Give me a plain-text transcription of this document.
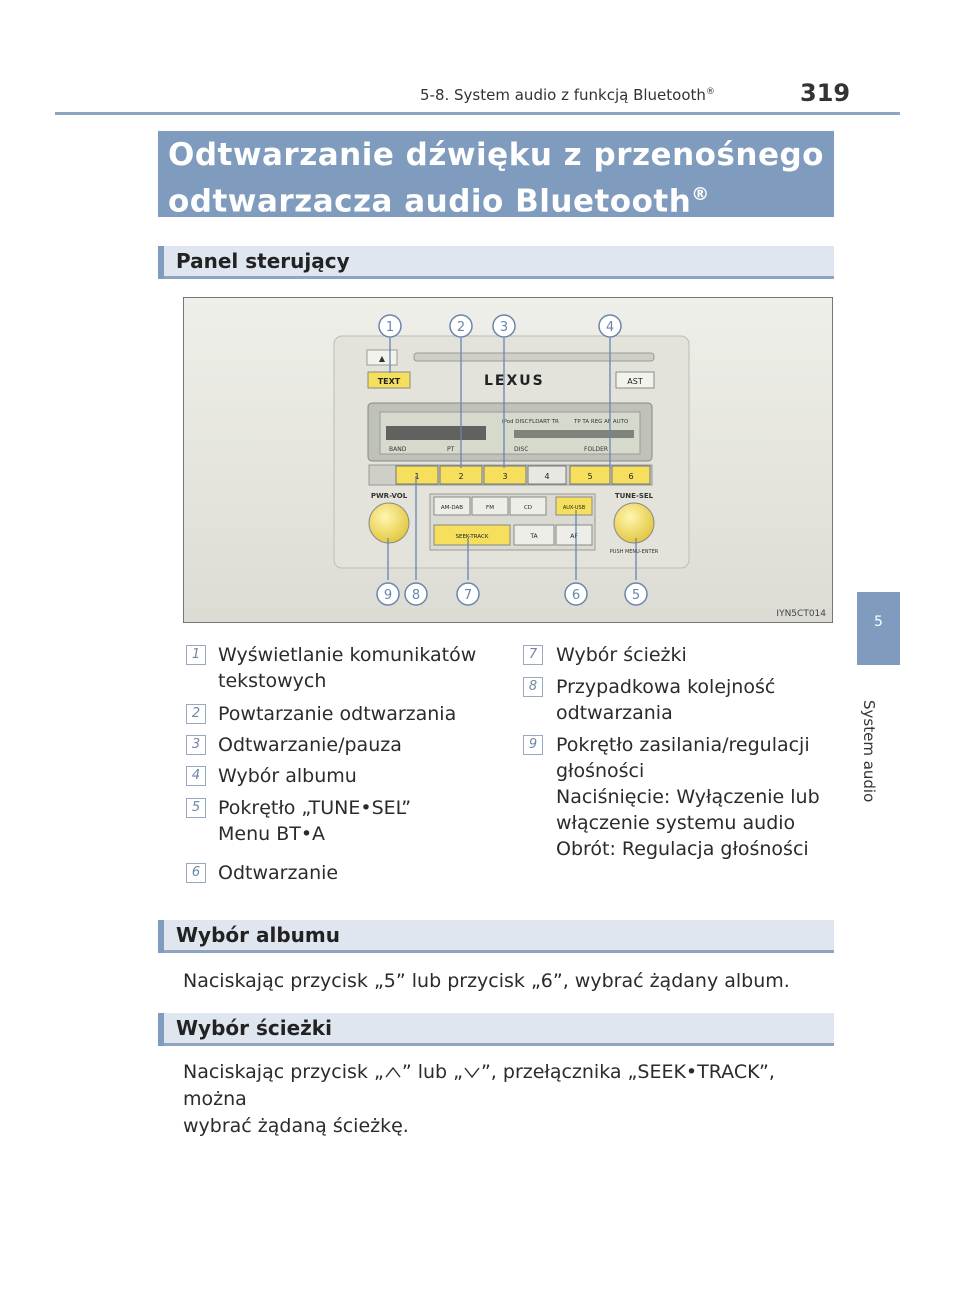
5-8. System audio z funkcją Bluetooth®	319
5
System audio
Odtwarzanie dźwięku z przenośnego
odtwarzacza audio Bluetooth®
Panel sterujący
▲
TEXT	LEXUS	AST
iPod DISC FLDART TR	TP TA REG AF AUTO
BAND	PT	DISC	FOLDER
1	2	3	4	5	6
PWR-VOL	TUNE-SEL
PUSH MENU-ENTER
AM-DAB	FM	CD	AUX-USB
SEEK-TRACK	TA	AF
1	2	3	4
5
6
7
8
9
IYN5CT014
1 Wyświetlanie komunikatów
tekstowych
2 Powtarzanie odtwarzania
3 Odtwarzanie/pauza
4 Wybór albumu
5 Pokrętło „TUNE•SEL”
Menu BT•A
6 Odtwarzanie
7 Wybór ścieżki
8 Przypadkowa kolejność
odtwarzania
9 Pokrętło zasilania/regulacji
głośności
Naciśnięcie: Wyłączenie lub
włączenie systemu audio
Obrót: Regulacja głośności
Wybór albumu
Naciskając przycisk „5” lub przycisk „6”, wybrać żądany album.
Wybór ścieżki
Naciskając przycisk „ ” lub „ ”, przełącznika „SEEK•TRACK”, można
wybrać żądaną ścieżkę.
